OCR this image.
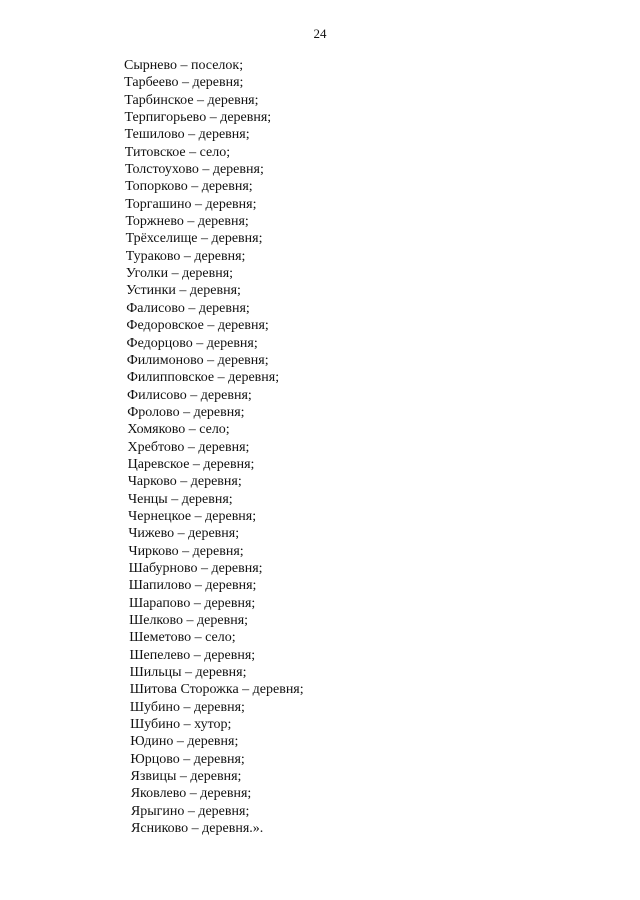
24
Сырнево – поселок;
Тарбеево – деревня;
Тарбинское – деревня;
Терпигорьево – деревня;
Тешилово – деревня;
Титовское – село;
Толстоухово – деревня;
Топорково – деревня;
Торгашино – деревня;
Торжнево – деревня;
Трёхселище – деревня;
Тураково – деревня;
Уголки – деревня;
Устинки – деревня;
Фалисово – деревня;
Федоровское – деревня;
Федорцово – деревня;
Филимоново – деревня;
Филипповское – деревня;
Филисово – деревня;
Фролово – деревня;
Хомяково – село;
Хребтово – деревня;
Царевское – деревня;
Чарково – деревня;
Ченцы – деревня;
Чернецкое – деревня;
Чижево – деревня;
Чирково – деревня;
Шабурново – деревня;
Шапилово – деревня;
Шарапово – деревня;
Шелково – деревня;
Шеметово – село;
Шепелево – деревня;
Шильцы – деревня;
Шитова Сторожка – деревня;
Шубино – деревня;
Шубино – хутор;
Юдино – деревня;
Юрцово – деревня;
Язвицы – деревня;
Яковлево – деревня;
Ярыгино – деревня;
Ясниково – деревня.».
